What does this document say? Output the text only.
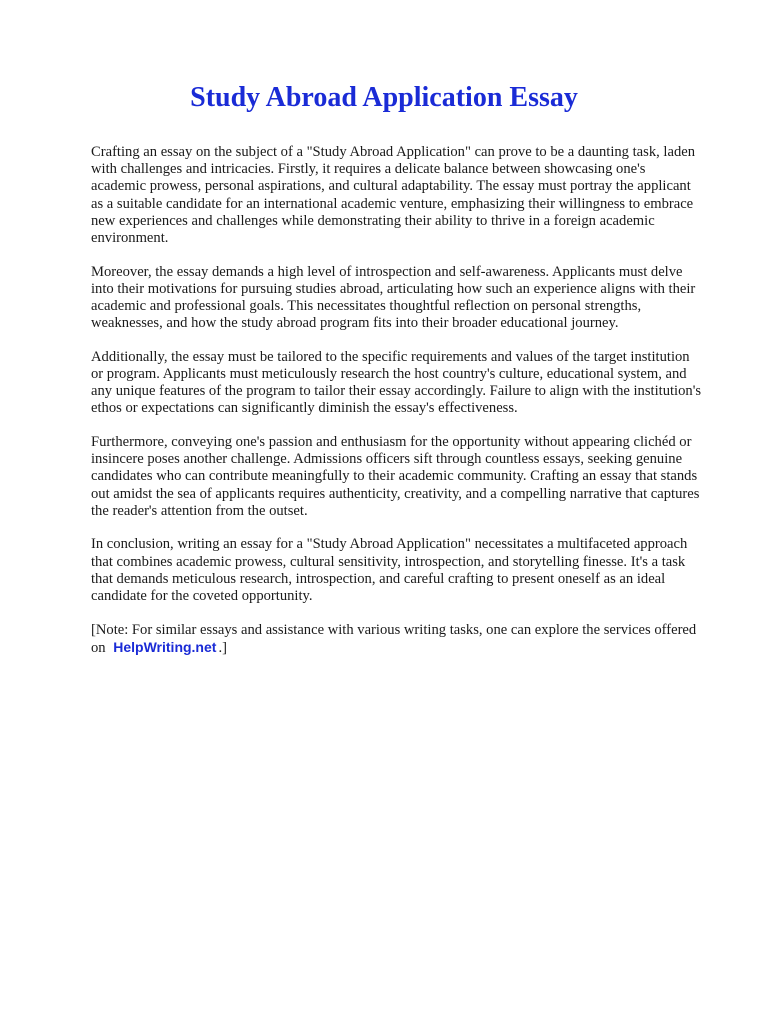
Study Abroad Application Essay

Crafting an essay on the subject of a "Study Abroad Application" can prove to be a daunting task, laden with challenges and intricacies. Firstly, it requires a delicate balance between showcasing one's academic prowess, personal aspirations, and cultural adaptability. The essay must portray the applicant as a suitable candidate for an international academic venture, emphasizing their willingness to embrace new experiences and challenges while demonstrating their ability to thrive in a foreign academic environment.

Moreover, the essay demands a high level of introspection and self-awareness. Applicants must delve into their motivations for pursuing studies abroad, articulating how such an experience aligns with their academic and professional goals. This necessitates thoughtful reflection on personal strengths, weaknesses, and how the study abroad program fits into their broader educational journey.

Additionally, the essay must be tailored to the specific requirements and values of the target institution or program. Applicants must meticulously research the host country's culture, educational system, and any unique features of the program to tailor their essay accordingly. Failure to align with the institution's ethos or expectations can significantly diminish the essay's effectiveness.

Furthermore, conveying one's passion and enthusiasm for the opportunity without appearing clichéd or insincere poses another challenge. Admissions officers sift through countless essays, seeking genuine candidates who can contribute meaningfully to their academic community. Crafting an essay that stands out amidst the sea of applicants requires authenticity, creativity, and a compelling narrative that captures the reader's attention from the outset.

In conclusion, writing an essay for a "Study Abroad Application" necessitates a multifaceted approach that combines academic prowess, cultural sensitivity, introspection, and storytelling finesse. It's a task that demands meticulous research, introspection, and careful crafting to present oneself as an ideal candidate for the coveted opportunity.

[Note: For similar essays and assistance with various writing tasks, one can explore the services offered on HelpWriting.net .]
